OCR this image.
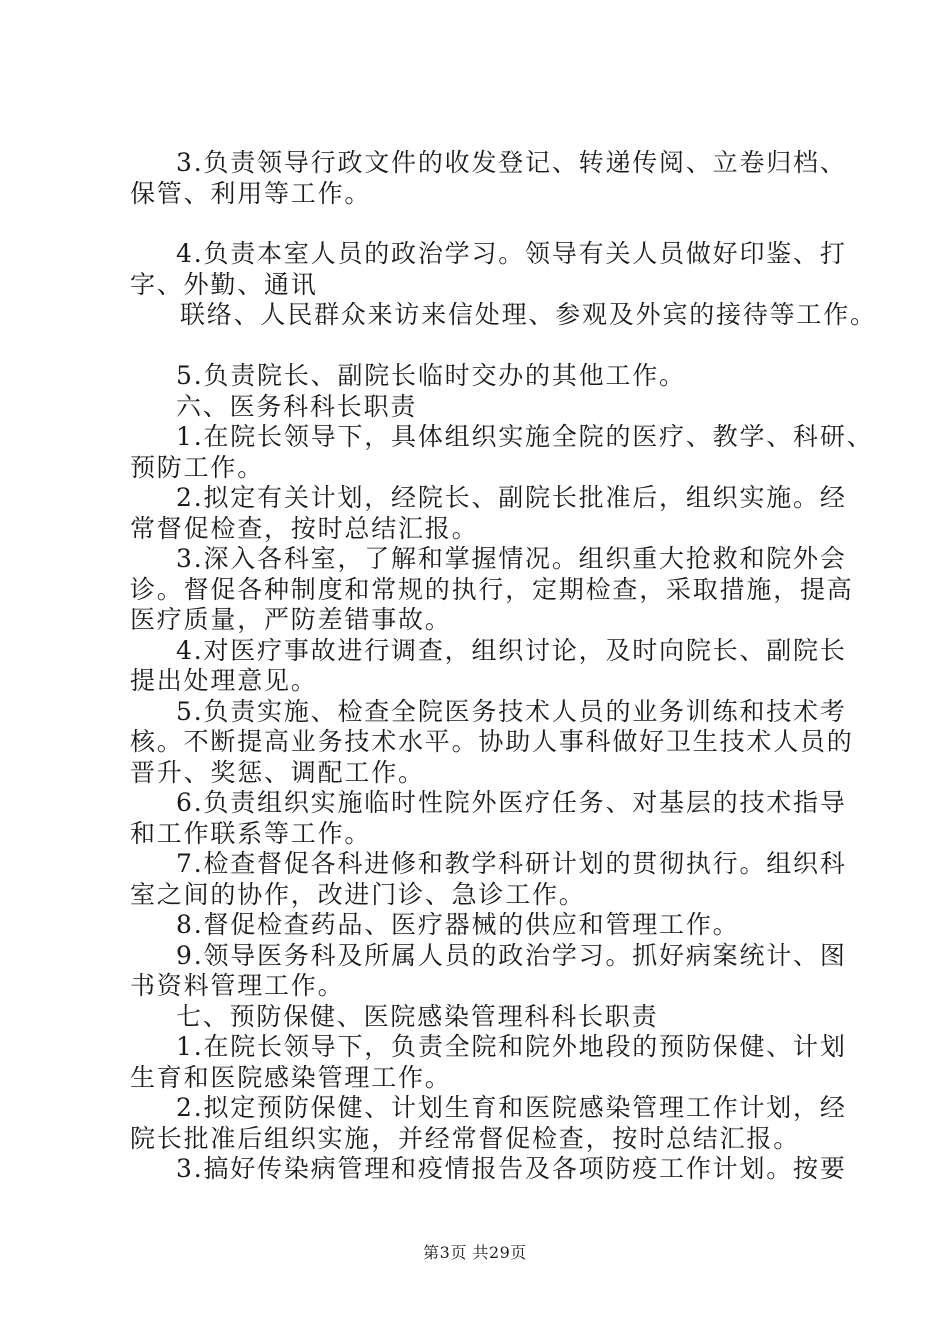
3.负责领导行政文件的收发登记、转递传阅、立卷归档、
保管、利用等工作。
4.负责本室人员的政治学习。领导有关人员做好印鉴、打
字、外勤、通讯
联络、人民群众来访来信处理、参观及外宾的接待等工作。
5.负责院长、副院长临时交办的其他工作。
六、医务科科长职责
1.在院长领导下，具体组织实施全院的医疗、教学、科研、
预防工作。
2.拟定有关计划，经院长、副院长批准后，组织实施。经
常督促检查，按时总结汇报。
3.深入各科室，了解和掌握情况。组织重大抢救和院外会
诊。督促各种制度和常规的执行，定期检查，采取措施，提高
医疗质量，严防差错事故。
4.对医疗事故进行调查，组织讨论，及时向院长、副院长
提出处理意见。
5.负责实施、检查全院医务技术人员的业务训练和技术考
核。不断提高业务技术水平。协助人事科做好卫生技术人员的
晋升、奖惩、调配工作。
6.负责组织实施临时性院外医疗任务、对基层的技术指导
和工作联系等工作。
7.检查督促各科进修和教学科研计划的贯彻执行。组织科
室之间的协作，改进门诊、急诊工作。
8.督促检查药品、医疗器械的供应和管理工作。
9.领导医务科及所属人员的政治学习。抓好病案统计、图
书资料管理工作。
七、预防保健、医院感染管理科科长职责
1.在院长领导下，负责全院和院外地段的预防保健、计划
生育和医院感染管理工作。
2.拟定预防保健、计划生育和医院感染管理工作计划，经
院长批准后组织实施，并经常督促检查，按时总结汇报。
3.搞好传染病管理和疫情报告及各项防疫工作计划。按要
第3页 共29页
